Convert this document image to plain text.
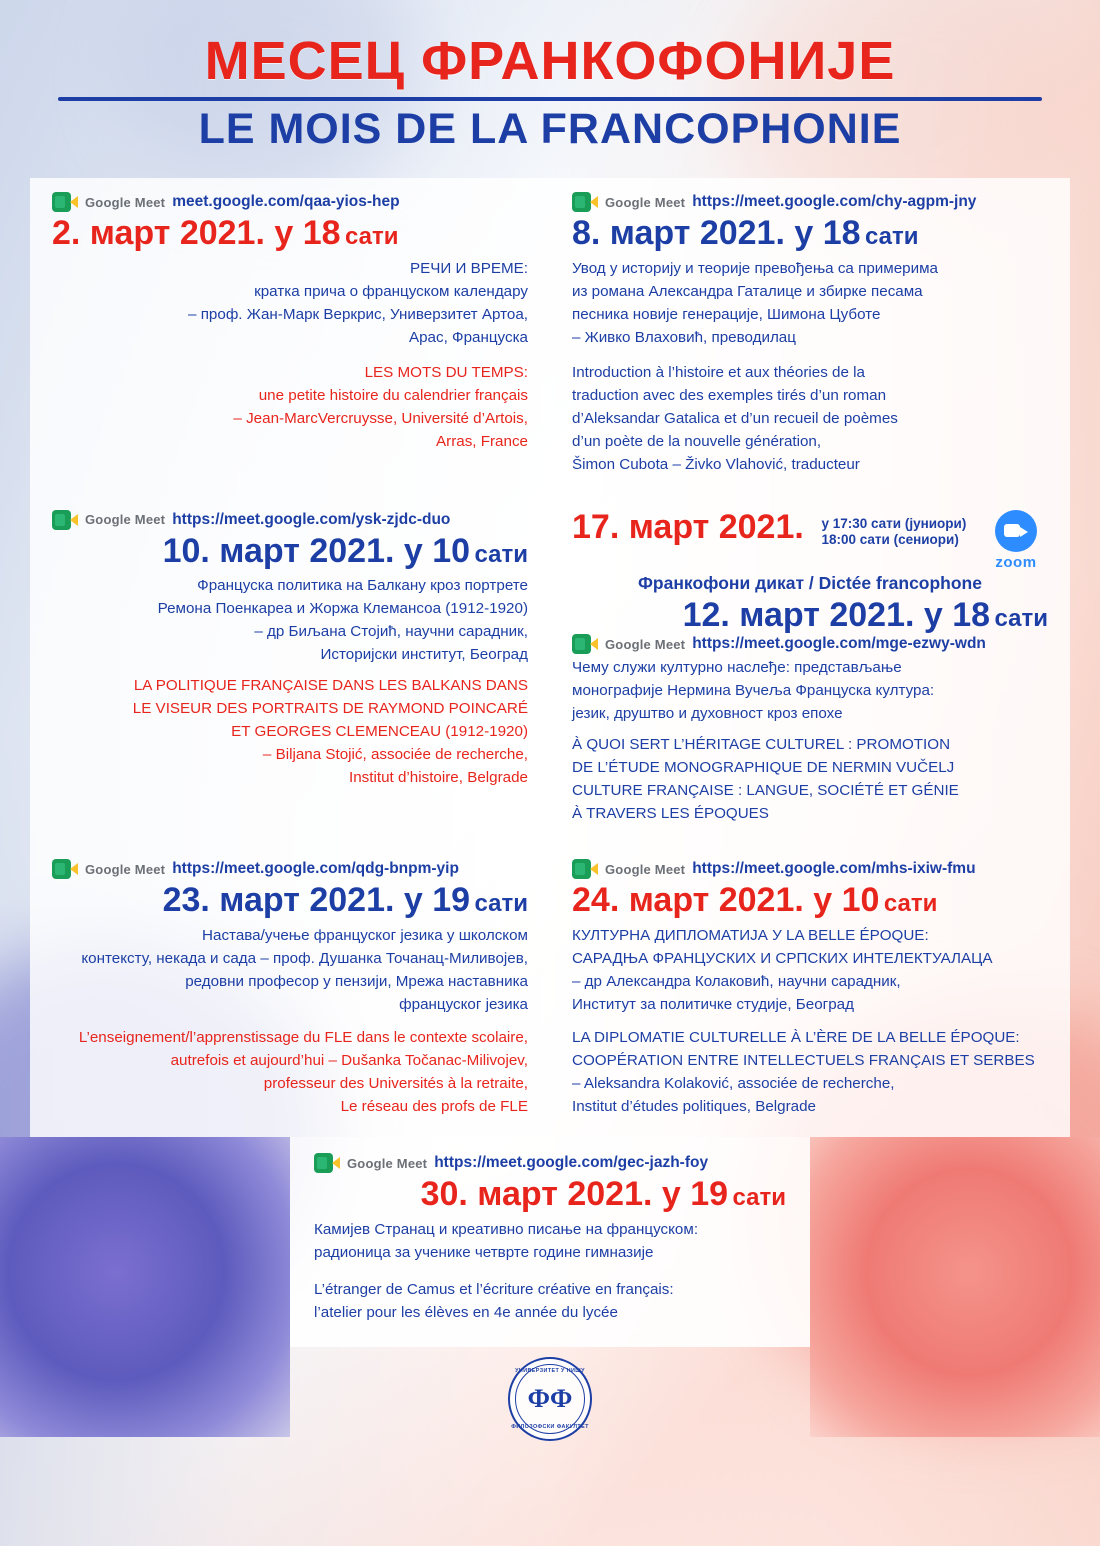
МЕСЕЦ ФРАНКОФОНИЈЕ
LE MOIS DE LA FRANCOPHONIE
Google Meet meet.google.com/qaa-yios-hep
2. март 2021. у 18 сати

РЕЧИ И ВРЕМЕ:

кратка прича о француском календару

– проф. Жан-Марк Веркрис, Универзитет Артоа,

Арас, Француска

LES MOTS DU TEMPS:

une petite histoire du calendrier français

– Jean-MarcVercruysse, Université d’Artois,

Arras, France

Google Meet https://meet.google.com/chy-agpm-jny
8. март 2021. у 18 сати

Увод у историју и теорије превођења са примерима

из романа Александра Гаталице и збирке песама

песника новије генерације, Шимона Цуботе

– Живко Влаховић, преводилац

Introduction à l’histoire et aux théories de la

traduction avec des exemples tirés d’un roman

d’Aleksandar Gatalica et d’un recueil de poèmes

d’un poète de la nouvelle génération,

Šimon Cubota – Živko Vlahović, traducteur

Google Meet https://meet.google.com/ysk-zjdc-duo
10. март 2021. у 10 сати

Француска политика на Балкану кроз портрете

Ремона Поенкареа и Жоржа Клемансоа (1912-1920)

– др Биљана Стојић, научни сарадник,

Историјски институт, Београд

LA POLITIQUE FRANÇAISE DANS LES BALKANS DANS

LE VISEUR DES PORTRAITS DE RAYMOND POINCARÉ

ET GEORGES CLEMENCEAU (1912-1920)

– Biljana Stojić, associée de recherche,

Institut d’histoire, Belgrade

17. март 2021. у 17:30 сати (јуниори)
18:00 сати (сениори)
zoom
Франкофони дикат / Dictée francophone
12. март 2021. у 18 сати
Google Meet https://meet.google.com/mge-ezwy-wdn

Чему служи културно наслеђе: представљање

монографије Нермина Вучеља Француска култура:

језик, друштво и духовност кроз епохе

À QUOI SERT L’HÉRITAGE CULTUREL : PROMOTION

DE L’ÉTUDE MONOGRAPHIQUE DE NERMIN VUČELJ

CULTURE FRANÇAISE : LANGUE, SOCIÉTÉ ET GÉNIE

À TRAVERS LES ÉPOQUES

Google Meet https://meet.google.com/qdg-bnpm-yip
23. март 2021. у 19 сати

Настава/учење француског језика у школском

контексту, некада и сада – проф. Душанка Точанац-Миливојев,

редовни професор у пензији, Мрежа наставника

француског језика

L’enseignement/l’apprenstissage du FLE dans le contexte scolaire,

autrefois et aujourd’hui – Dušanka Točanac-Milivojev,

professeur des Universités à la retraite,

Le réseau des profs de FLE

Google Meet https://meet.google.com/mhs-ixiw-fmu
24. март 2021. у 10 сати

КУЛТУРНА ДИПЛОМАТИЈА У LA BELLE ÉPOQUE:

САРАДЊА ФРАНЦУСКИХ И СРПСКИХ ИНТЕЛЕКТУАЛАЦА

– др Александра Колаковић, научни сарадник,

Институт за политичке студије, Београд

LA DIPLOMATIE CULTURELLE À L’ÈRE DE LA BELLE ÉPOQUE:

COOPÉRATION ENTRE INTELLECTUELS FRANÇAIS ET SERBES

– Aleksandra Kolaković, associée de recherche,

Institut d’études politiques, Belgrade

Google Meet https://meet.google.com/gec-jazh-foy
30. март 2021. у 19 сати

Камијев Странац и креативно писање на француском:

радионица за ученике четврте године гимназије

L’étranger de Camus et l’écriture créative en français:

l’atelier pour les élèves en 4e année du lycée

УНИВЕРЗИТЕТ У НИШУ
ФФ
ФИЛОЗОФСКИ ФАКУЛТЕТ
